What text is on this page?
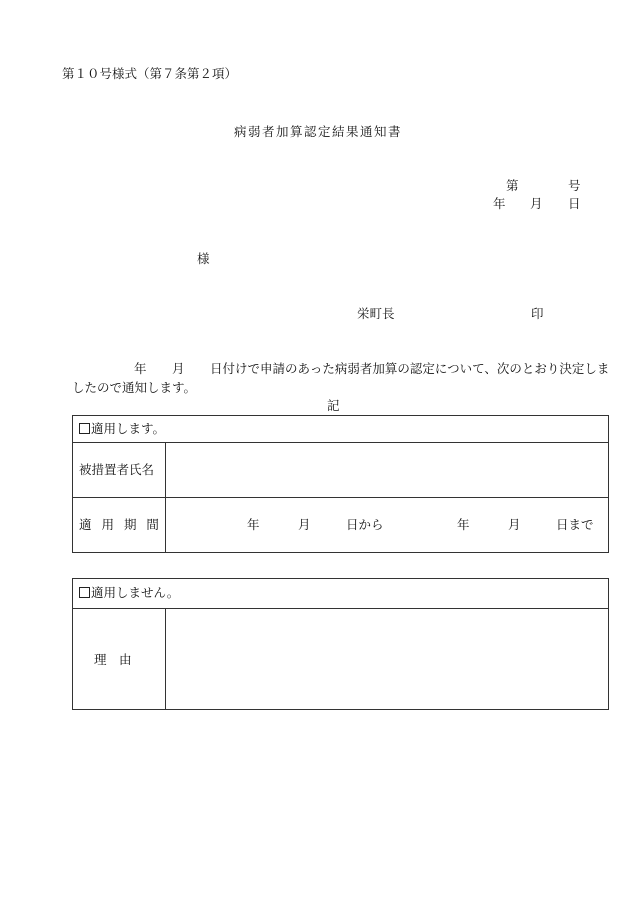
第１０号様式（第７条第２項）
病弱者加算認定結果通知書
第	号
年 月 日
様
栄町長	印
年 月 日付けで申請のあった病弱者加算の認定について、次のとおり決定しま
したので通知します。
記
適用します。
被措置者氏名
適 用 期 間	年	月	日から	年	月	日まで
適用しません。
理　由
